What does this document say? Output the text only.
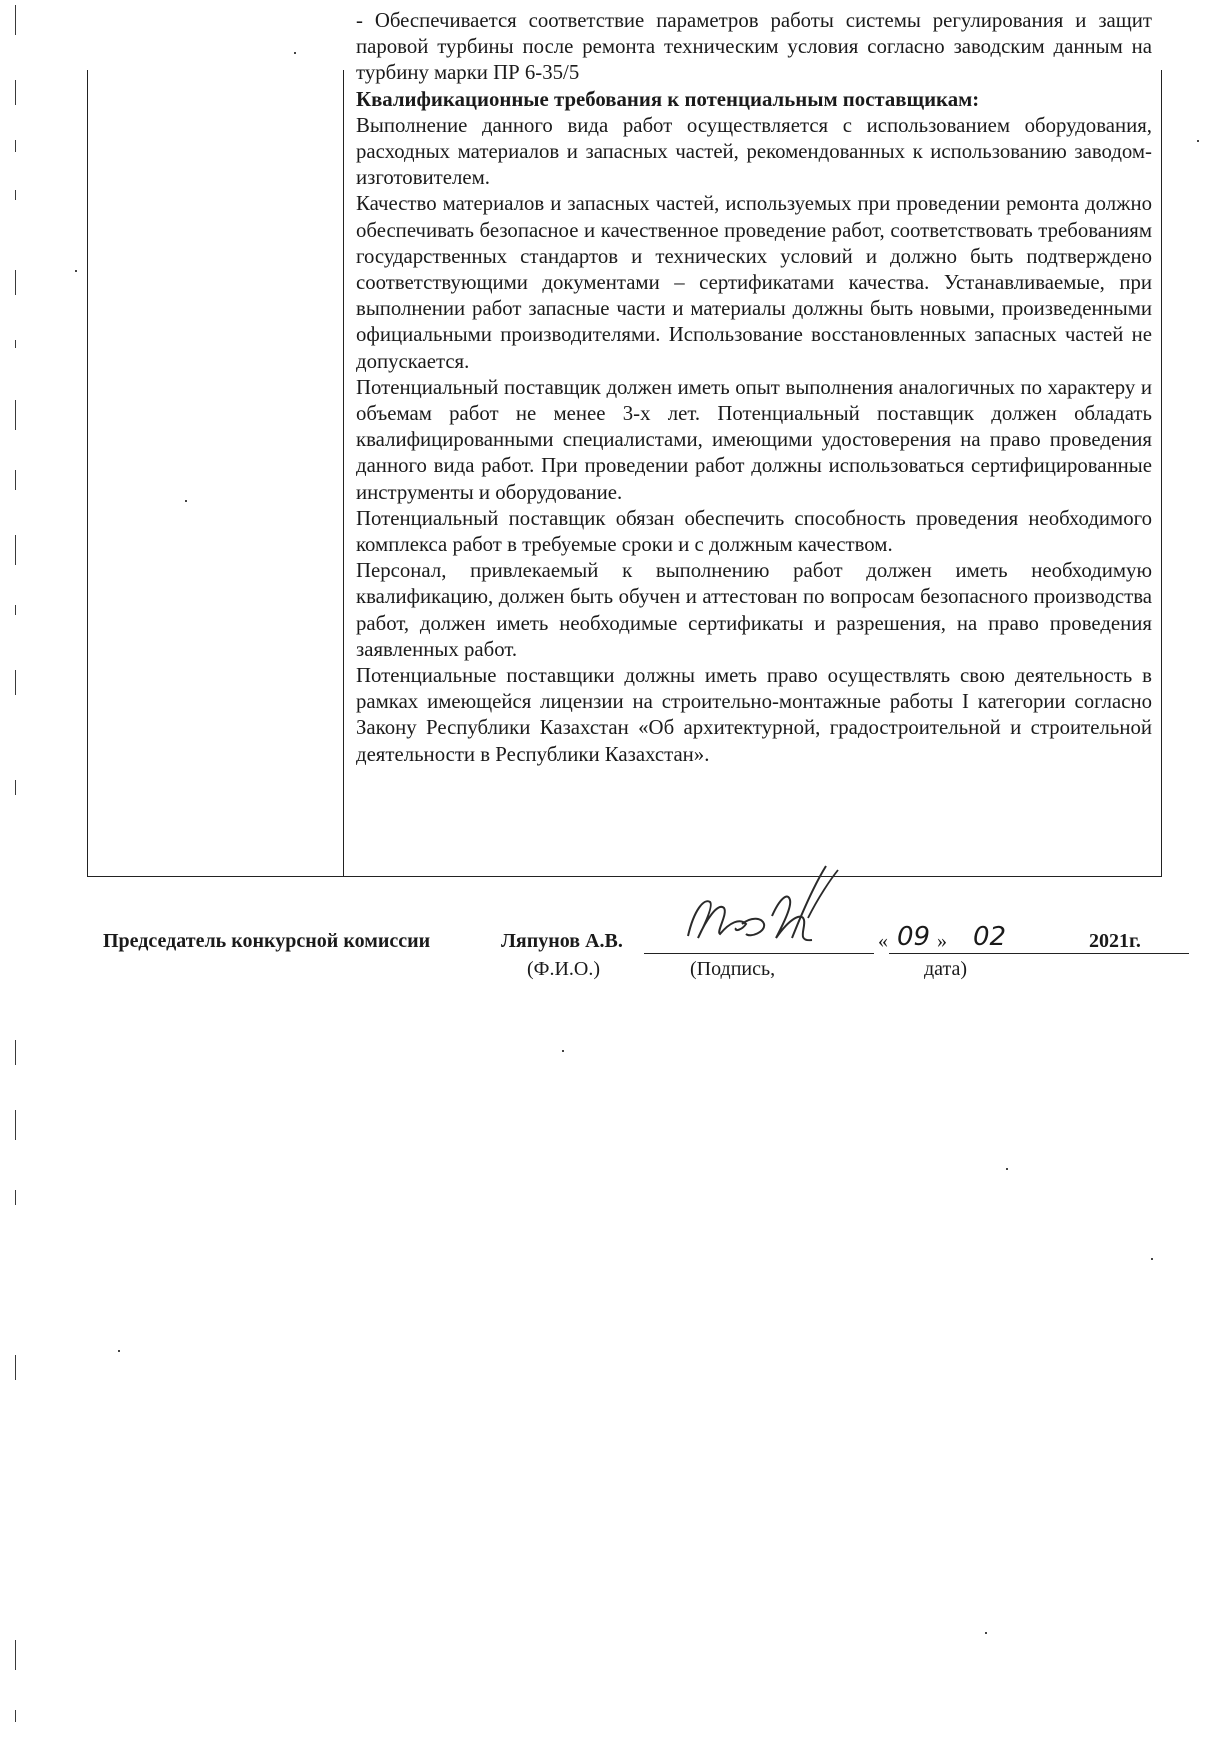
- Обеспечивается соответствие параметров работы системы регулирования и защит паровой турбины после ремонта техническим условия согласно заводским данным на турбину марки ПР 6-35/5

Квалификационные требования к потенциальным поставщикам:

Выполнение данного вида работ осуществляется с использованием оборудования, расходных материалов и запасных частей, рекомендованных к использованию заводом-изготовителем.

Качество материалов и запасных частей, используемых при проведении ремонта должно обеспечивать безопасное и качественное проведение работ, соответствовать требованиям государственных стандартов и технических условий и должно быть подтверждено соответствующими документами – сертификатами качества. Устанавливаемые, при выполнении работ запасные части и материалы должны быть новыми, произведенными официальными производителями. Использование восстановленных запасных частей не допускается.

Потенциальный поставщик должен иметь опыт выполнения аналогичных по характеру и объемам работ не менее 3-х лет. Потенциальный поставщик должен обладать квалифицированными специалистами, имеющими удостоверения на право проведения данного вида работ. При проведении работ должны использоваться сертифицированные инструменты и оборудование.

Потенциальный поставщик обязан обеспечить способность проведения необходимого комплекса работ в требуемые сроки и с должным качеством.

Персонал, привлекаемый к выполнению работ должен иметь необходимую квалификацию, должен быть обучен и аттестован по вопросам безопасного производства работ, должен иметь необходимые сертификаты и разрешения, на право проведения заявленных работ.

Потенциальные поставщики должны иметь право осуществлять свою деятельность в рамках имеющейся лицензии на строительно-монтажные работы I категории согласно Закону Республики Казахстан «Об архитектурной, градостроительной и строительной деятельности в Республики Казахстан».

Председатель конкурсной комиссии	Ляпунов А.В.	« 09 » 02	2021г.
(Ф.И.О.)	(Подпись,	дата)
